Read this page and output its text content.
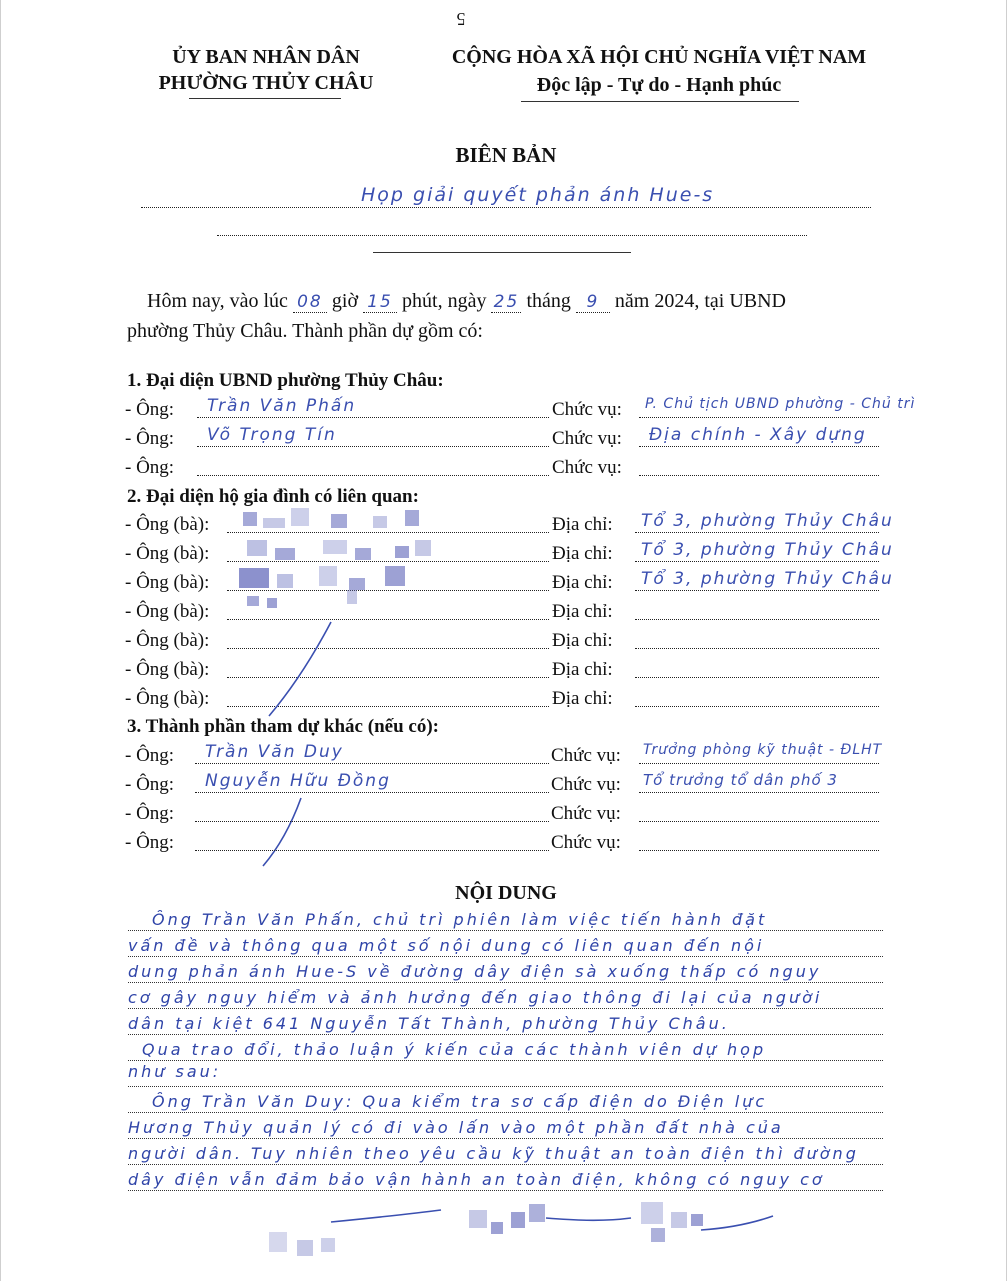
5
ỦY BAN NHÂN DÂN
PHƯỜNG THỦY CHÂU
CỘNG HÒA XÃ HỘI CHỦ NGHĨA VIỆT NAM
Độc lập - Tự do - Hạnh phúc
BIÊN BẢN
Họp giải quyết phản ánh Hue-s
Hôm nay, vào lúc 08 giờ 15 phút, ngày 25 tháng 9 năm 2024, tại UBND
phường Thủy Châu. Thành phần dự gồm có:
1. Đại diện UBND phường Thủy Châu:
- Ông: Trần Văn Phấn	Chức vụ: P. Chủ tịch UBND phường - Chủ trì
- Ông: Võ Trọng Tín	Chức vụ: Địa chính - Xây dựng
- Ông:	Chức vụ:
2. Đại diện hộ gia đình có liên quan:
- Ông (bà):	Địa chỉ: Tổ 3, phường Thủy Châu
- Ông (bà):	Địa chỉ: Tổ 3, phường Thủy Châu
- Ông (bà):	Địa chỉ: Tổ 3, phường Thủy Châu
- Ông (bà):	Địa chỉ:
- Ông (bà):	Địa chỉ:
- Ông (bà):	Địa chỉ:
- Ông (bà):	Địa chỉ:
3. Thành phần tham dự khác (nếu có):
- Ông: Trần Văn Duy	Chức vụ: Trưởng phòng kỹ thuật - ĐLHT
- Ông: Nguyễn Hữu Đồng	Chức vụ: Tổ trưởng tổ dân phố 3
- Ông:	Chức vụ:
- Ông:	Chức vụ:
NỘI DUNG
Ông Trần Văn Phấn, chủ trì phiên làm việc tiến hành đặt
vấn đề và thông qua một số nội dung có liên quan đến nội
dung phản ánh Hue-S về đường dây điện sà xuống thấp có nguy
cơ gây nguy hiểm và ảnh hưởng đến giao thông đi lại của người
dân tại kiệt 641 Nguyễn Tất Thành, phường Thủy Châu.
Qua trao đổi, thảo luận ý kiến của các thành viên dự họp
như sau:
Ông Trần Văn Duy: Qua kiểm tra sơ cấp điện do Điện lực
Hương Thủy quản lý có đi vào lấn vào một phần đất nhà của
người dân. Tuy nhiên theo yêu cầu kỹ thuật an toàn điện thì đường
dây điện vẫn đảm bảo vận hành an toàn điện, không có nguy cơ
